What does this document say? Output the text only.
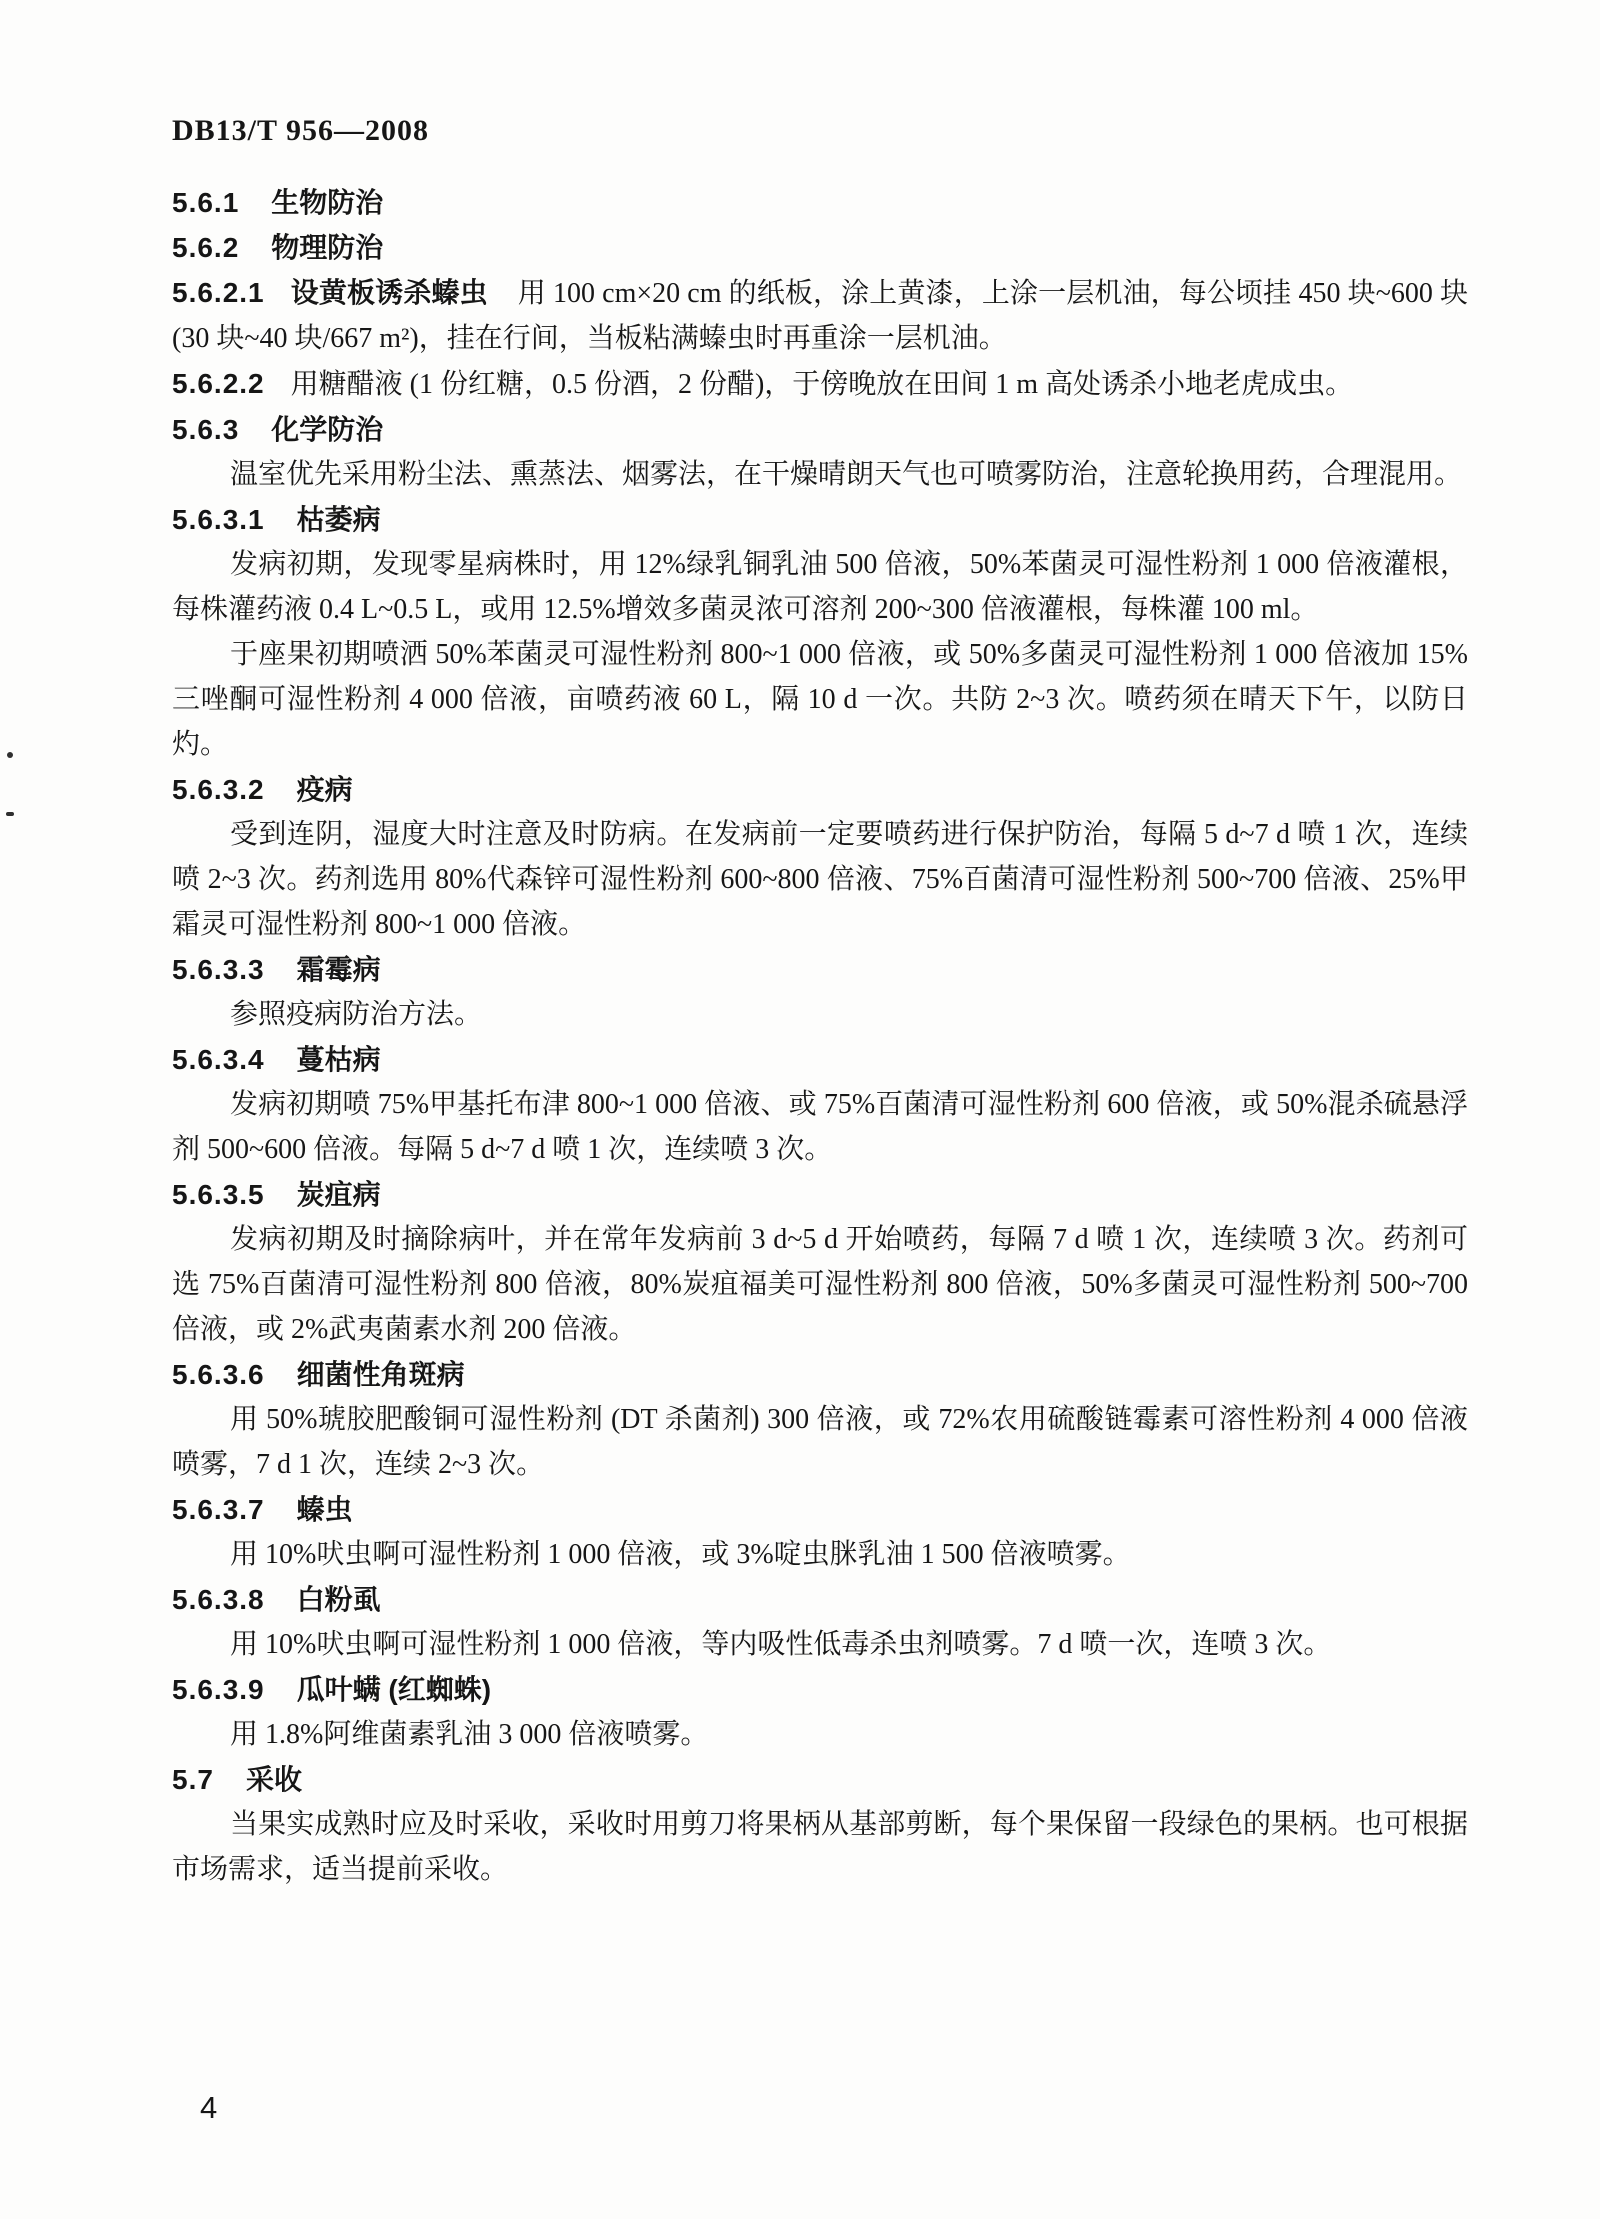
DB13/T 956—2008

5.6.1 生物防治

5.6.2 物理防治

5.6.2.1 设黄板诱杀螓虫 用 100 cm×20 cm 的纸板，涂上黄漆，上涂一层机油，每公顷挂 450 块~600 块 (30 块~40 块/667 m²)，挂在行间，当板粘满螓虫时再重涂一层机油。

5.6.2.2 用糖醋液 (1 份红糖，0.5 份酒，2 份醋)，于傍晚放在田间 1 m 高处诱杀小地老虎成虫。

5.6.3 化学防治

温室优先采用粉尘法、熏蒸法、烟雾法，在干燥晴朗天气也可喷雾防治，注意轮换用药，合理混用。

5.6.3.1 枯萎病

发病初期，发现零星病株时，用 12%绿乳铜乳油 500 倍液，50%苯菌灵可湿性粉剂 1 000 倍液灌根，每株灌药液 0.4 L~0.5 L，或用 12.5%增效多菌灵浓可溶剂 200~300 倍液灌根，每株灌 100 ml。

于座果初期喷洒 50%苯菌灵可湿性粉剂 800~1 000 倍液，或 50%多菌灵可湿性粉剂 1 000 倍液加 15%三唑酮可湿性粉剂 4 000 倍液，亩喷药液 60 L，隔 10 d 一次。共防 2~3 次。喷药须在晴天下午，以防日灼。

5.6.3.2 疫病

受到连阴，湿度大时注意及时防病。在发病前一定要喷药进行保护防治，每隔 5 d~7 d 喷 1 次，连续喷 2~3 次。药剂选用 80%代森锌可湿性粉剂 600~800 倍液、75%百菌清可湿性粉剂 500~700 倍液、25%甲霜灵可湿性粉剂 800~1 000 倍液。

5.6.3.3 霜霉病

参照疫病防治方法。

5.6.3.4 蔓枯病

发病初期喷 75%甲基托布津 800~1 000 倍液、或 75%百菌清可湿性粉剂 600 倍液，或 50%混杀硫悬浮剂 500~600 倍液。每隔 5 d~7 d 喷 1 次，连续喷 3 次。

5.6.3.5 炭疽病

发病初期及时摘除病叶，并在常年发病前 3 d~5 d 开始喷药，每隔 7 d 喷 1 次，连续喷 3 次。药剂可选 75%百菌清可湿性粉剂 800 倍液，80%炭疽福美可湿性粉剂 800 倍液，50%多菌灵可湿性粉剂 500~700 倍液，或 2%武夷菌素水剂 200 倍液。

5.6.3.6 细菌性角斑病

用 50%琥胶肥酸铜可湿性粉剂 (DT 杀菌剂) 300 倍液，或 72%农用硫酸链霉素可溶性粉剂 4 000 倍液喷雾，7 d 1 次，连续 2~3 次。

5.6.3.7 螓虫

用 10%吠虫啊可湿性粉剂 1 000 倍液，或 3%啶虫脒乳油 1 500 倍液喷雾。

5.6.3.8 白粉虱

用 10%吠虫啊可湿性粉剂 1 000 倍液，等内吸性低毒杀虫剂喷雾。7 d 喷一次，连喷 3 次。

5.6.3.9 瓜叶螨 (红蜘蛛)

用 1.8%阿维菌素乳油 3 000 倍液喷雾。

5.7 采收

当果实成熟时应及时采收，采收时用剪刀将果柄从基部剪断，每个果保留一段绿色的果柄。也可根据市场需求，适当提前采收。

4
